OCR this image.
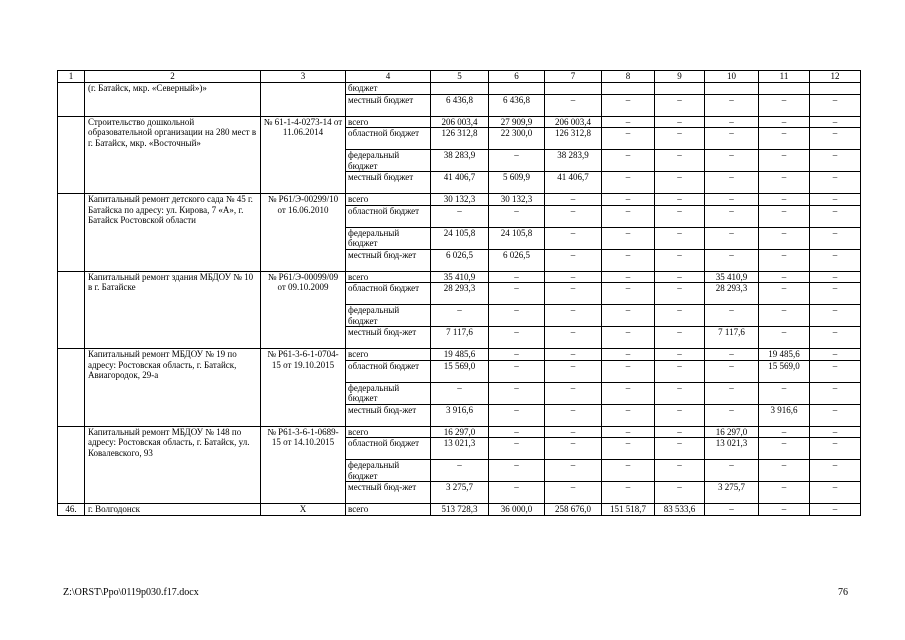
1	2	3	4	5	6	7	8	9	10	11	12
	(г. Батайск, мкр. «Северный»)»		бюджет								
			местный бюджет	6 436,8	6 436,8	–	–	–	–	–	–
	Строительство дошкольной образовательной организации на 280 мест в г. Батайск, мкр. «Восточный»	№ 61-1-4-0273-14 от 11.06.2014	всего	206 003,4	27 909,9	206 003,4	–	–	–	–	–
			областной бюджет	126 312,8	22 300,0	126 312,8	–	–	–	–	–
			федеральный бюджет	38 283,9	–	38 283,9	–	–	–	–	–
			местный бюджет	41 406,7	5 609,9	41 406,7	–	–	–	–	–
	Капитальный ремонт детского сада № 45 г. Батайска по адресу: ул. Кирова, 7 «А», г. Батайск Ростовской области	№ Р61/Э-00299/10 от 16.06.2010	всего	30 132,3	30 132,3	–	–	–	–	–	–
			областной бюджет	–	–	–	–	–	–	–	–
			федеральный бюджет	24 105,8	24 105,8	–	–	–	–	–	–
			местный бюд-жет	6 026,5	6 026,5	–	–	–	–	–	–
	Капитальный ремонт здания МБДОУ № 10 в г. Батайске	№ Р61/Э-00099/09 от 09.10.2009	всего	35 410,9	–	–	–	–	35 410,9	–	–
			областной бюджет	28 293,3	–	–	–	–	28 293,3	–	–
			федеральный бюджет	–	–	–	–	–	–	–	–
			местный бюд-жет	7 117,6	–	–	–	–	7 117,6	–	–
	Капитальный ремонт МБДОУ № 19 по адресу: Ростовская область, г. Батайск, Авиагородок, 29-а	№ Р61-3-6-1-0704-15 от 19.10.2015	всего	19 485,6	–	–	–	–	–	19 485,6	–
			областной бюджет	15 569,0	–	–	–	–	–	15 569,0	–
			федеральный бюджет	–	–	–	–	–	–	–	–
			местный бюд-жет	3 916,6	–	–	–	–	–	3 916,6	–
	Капитальный ремонт МБДОУ № 148 по адресу: Ростовская область, г. Батайск, ул. Ковалевского, 93	№ Р61-3-6-1-0689-15 от 14.10.2015	всего	16 297,0	–	–	–	–	16 297,0	–	–
			областной бюджет	13 021,3	–	–	–	–	13 021,3	–	–
			федеральный бюджет	–	–	–	–	–	–	–	–
			местный бюд-жет	3 275,7	–	–	–	–	3 275,7	–	–
46.	г. Волгодонск	Х	всего	513 728,3	36 000,0	258 676,0	151 518,7	83 533,6	–	–	–
Z:\ORST\Ppo\0119p030.f17.docx	76
